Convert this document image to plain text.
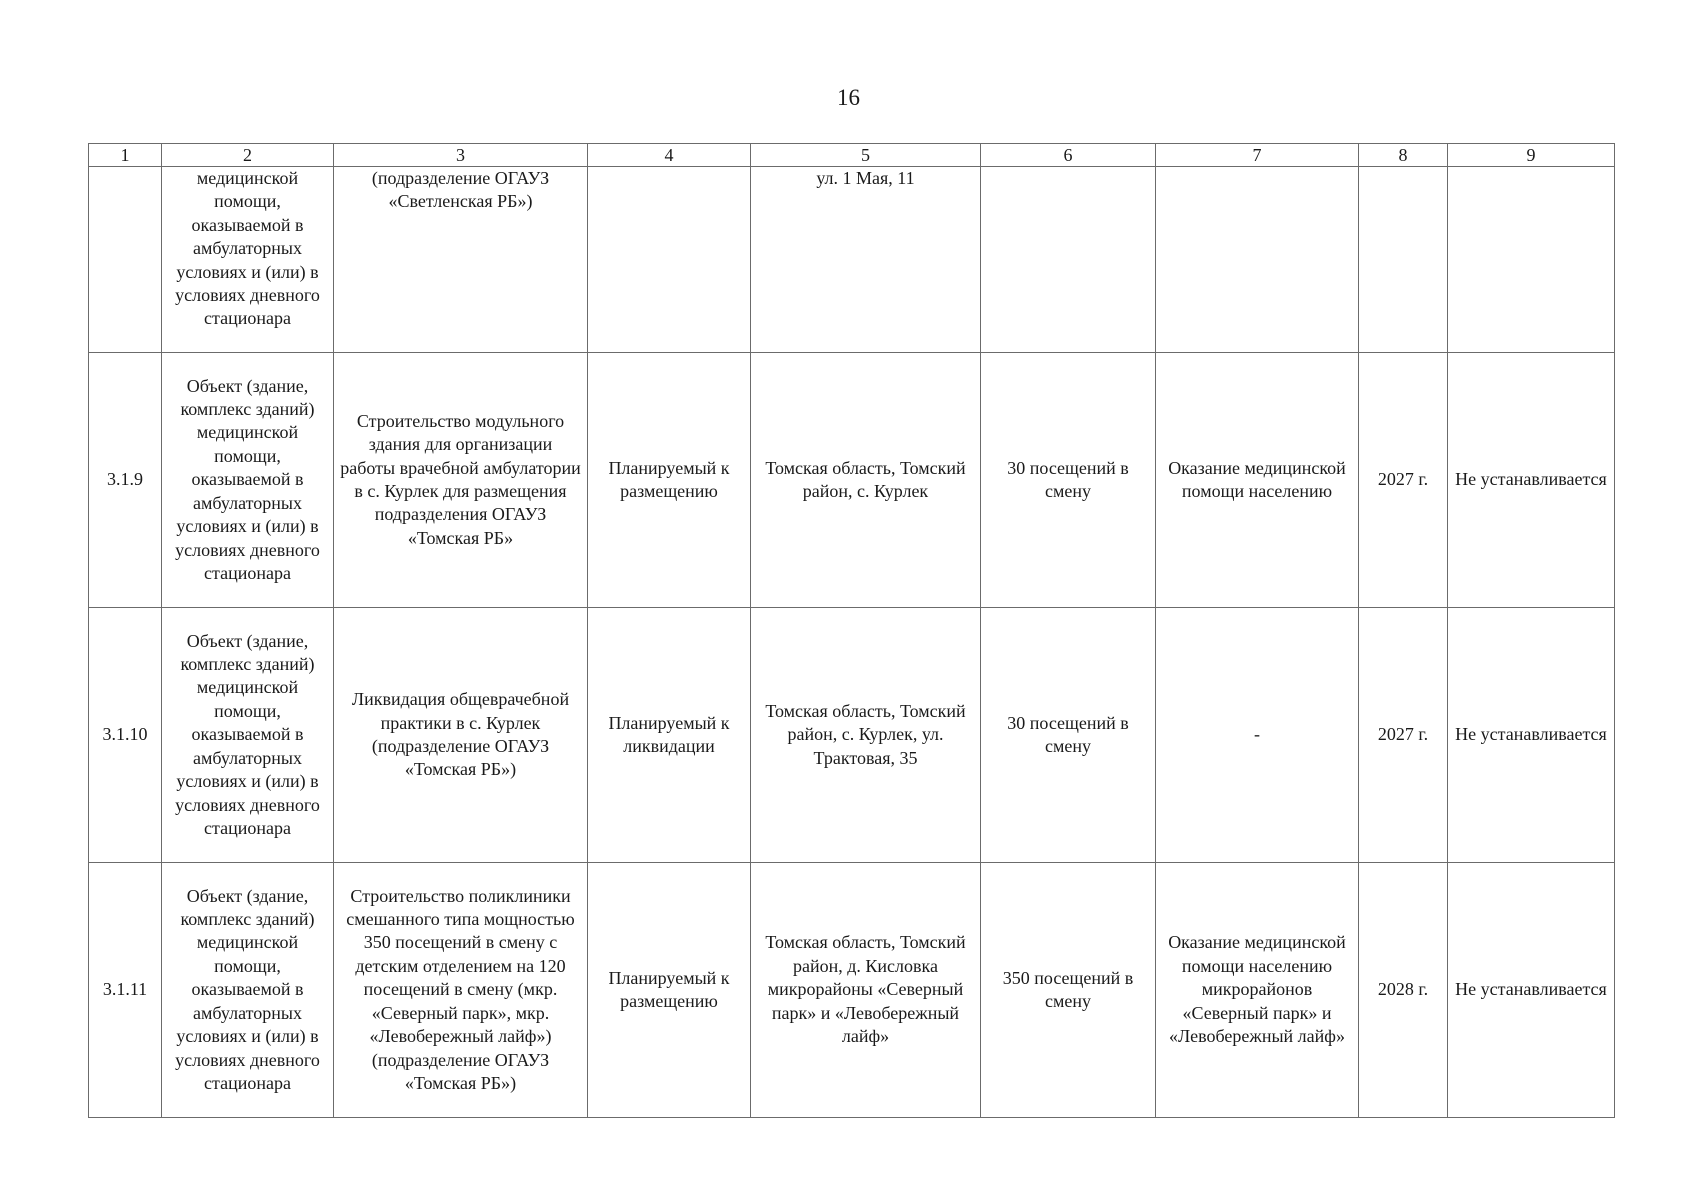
16
1	2	3	4	5	6	7	8	9
	медицинской помощи, оказываемой в амбулаторных условиях и (или) в условиях дневного стационара	(подразделение ОГАУЗ «Светленская РБ»)		ул. 1 Мая, 11				
3.1.9	Объект (здание, комплекс зданий) медицинской помощи, оказываемой в амбулаторных условиях и (или) в условиях дневного стационара	Строительство модульного здания для организации работы врачебной амбулатории в с. Курлек для размещения подразделения ОГАУЗ «Томская РБ»	Планируемый к размещению	Томская область, Томский район, с. Курлек	30 посещений в смену	Оказание медицинской помощи населению	2027 г.	Не устанавливается
3.1.10	Объект (здание, комплекс зданий) медицинской помощи, оказываемой в амбулаторных условиях и (или) в условиях дневного стационара	Ликвидация общеврачебной практики в с. Курлек (подразделение ОГАУЗ «Томская РБ»)	Планируемый к ликвидации	Томская область, Томский район, с. Курлек, ул. Трактовая, 35	30 посещений в смену	-	2027 г.	Не устанавливается
3.1.11	Объект (здание, комплекс зданий) медицинской помощи, оказываемой в амбулаторных условиях и (или) в условиях дневного стационара	Строительство поликлиники смешанного типа мощностью 350 посещений в смену с детским отделением на 120 посещений в смену (мкр. «Северный парк», мкр. «Левобережный лайф») (подразделение ОГАУЗ «Томская РБ»)	Планируемый к размещению	Томская область, Томский район, д. Кисловка микрорайоны «Северный парк» и «Левобережный лайф»	350 посещений в смену	Оказание медицинской помощи населению микрорайонов «Северный парк» и «Левобережный лайф»	2028 г.	Не устанавливается
